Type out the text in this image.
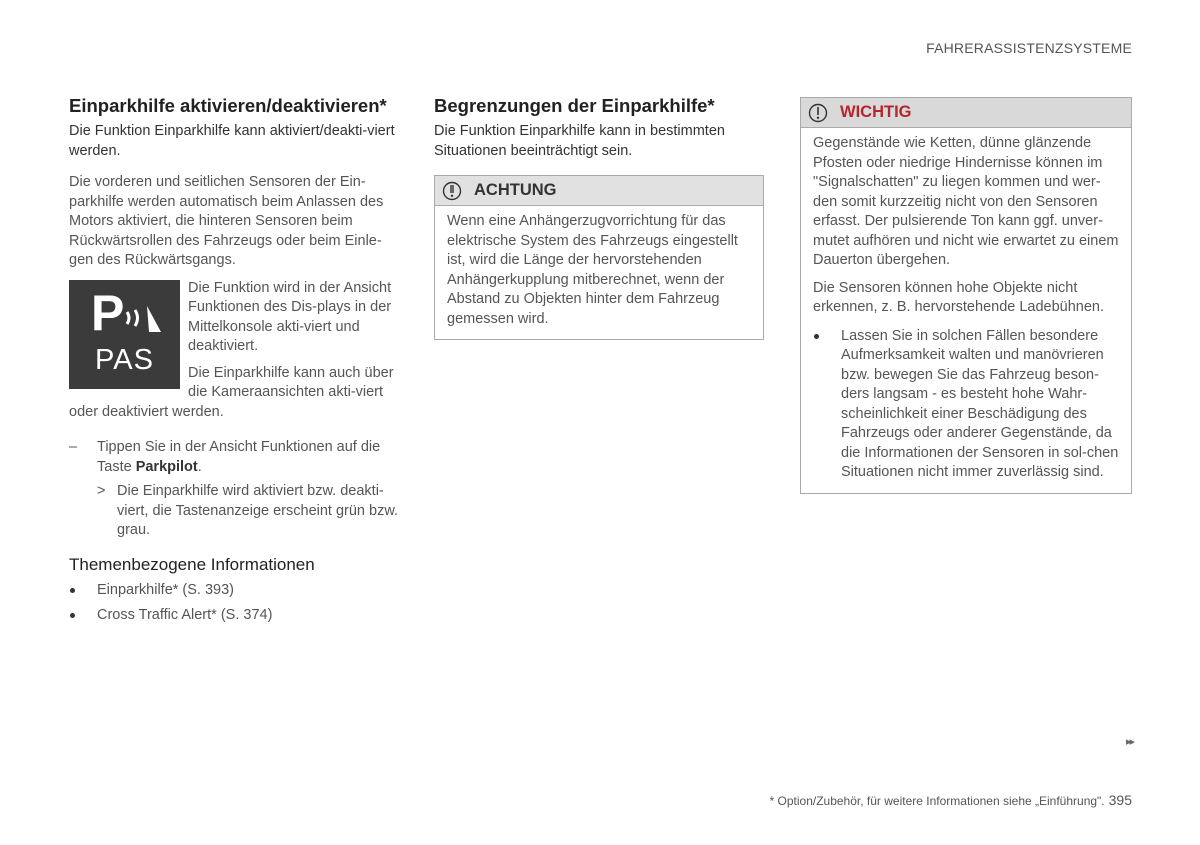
FAHRERASSISTENZSYSTEME
Einparkhilfe aktivieren/deaktivieren*

Die Funktion Einparkhilfe kann aktiviert/deakti-viert werden.

Die vorderen und seitlichen Sensoren der Ein-parkhilfe werden automatisch beim Anlassen des Motors aktiviert, die hinteren Sensoren beim Rückwärtsrollen des Fahrzeugs oder beim Einle-gen des Rückwärtsgangs.

P
PAS

Die Funktion wird in der Ansicht Funktionen des Dis-plays in der Mittelkonsole akti-viert und deaktiviert.

Die Einparkhilfe kann auch über die Kameraansichten akti-viert oder deaktiviert werden.

– Tippen Sie in der Ansicht Funktionen auf die Taste Parkpilot.

> Die Einparkhilfe wird aktiviert bzw. deakti-viert, die Tastenanzeige erscheint grün bzw. grau.

Themenbezogene Informationen

Einparkhilfe* (S. 393)

Cross Traffic Alert* (S. 374)

Begrenzungen der Einparkhilfe*

Die Funktion Einparkhilfe kann in bestimmten Situationen beeinträchtigt sein.

ACHTUNG

Wenn eine Anhängerzugvorrichtung für das elektrische System des Fahrzeugs eingestellt ist, wird die Länge der hervorstehenden Anhängerkupplung mitberechnet, wenn der Abstand zu Objekten hinter dem Fahrzeug gemessen wird.

WICHTIG

Gegenstände wie Ketten, dünne glänzende Pfosten oder niedrige Hindernisse können im "Signalschatten" zu liegen kommen und wer-den somit kurzzeitig nicht von den Sensoren erfasst. Der pulsierende Ton kann ggf. unver-mutet aufhören und nicht wie erwartet zu einem Dauerton übergehen.

Die Sensoren können hohe Objekte nicht erkennen, z. B. hervorstehende Ladebühnen.

Lassen Sie in solchen Fällen besondere Aufmerksamkeit walten und manövrieren bzw. bewegen Sie das Fahrzeug beson-ders langsam - es besteht hohe Wahr-scheinlichkeit einer Beschädigung des Fahrzeugs oder anderer Gegenstände, da die Informationen der Sensoren in sol-chen Situationen nicht immer zuverlässig sind.

▸▸
* Option/Zubehör, für weitere Informationen siehe „Einführung". 395
